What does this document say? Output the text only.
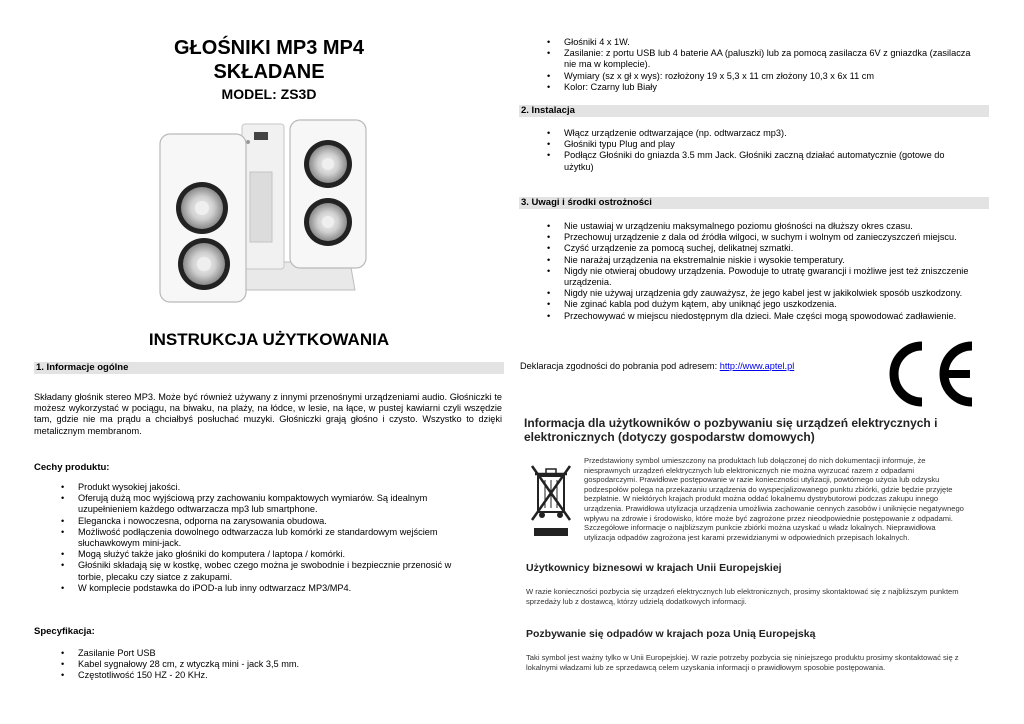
GŁOŚNIKI MP3 MP4
SKŁADANE
MODEL: ZS3D
INSTRUKCJA UŻYTKOWANIA
1. Informacje ogólne
Składany głośnik stereo MP3. Może być również używany z innymi przenośnymi urządzeniami audio. Głośniczki te możesz wykorzystać w pociągu, na biwaku, na plaży, na łódce, w lesie, na łące, w pustej kawiarni czyli wszędzie tam, gdzie nie ma prądu a chciałbyś posłuchać muzyki. Głośniczki grają głośno i czysto. Wszystko to dzięki metalicznym membranom.
Cechy produktu:
• Produkt wysokiej jakości.
• Oferują dużą moc wyjściową przy zachowaniu kompaktowych wymiarów. Są idealnym uzupełnieniem każdego odtwarzacza mp3 lub smartphone.
• Elegancka i nowoczesna, odporna na zarysowania obudowa.
• Możliwość podłączenia dowolnego odtwarzacza lub komórki ze standardowym wejściem słuchawkowym mini-jack.
• Mogą służyć także jako głośniki do komputera / laptopa / komórki.
• Głośniki składają się w kostkę, wobec czego można je swobodnie i bezpiecznie przenosić w torbie, plecaku czy siatce z zakupami.
• W komplecie podstawka do iPOD-a lub inny odtwarzacz MP3/MP4.
Specyfikacja:
• Zasilanie Port USB
• Kabel sygnałowy 28 cm, z wtyczką mini - jack 3,5 mm.
• Częstotliwość 150 HZ - 20 KHz.
• Głośniki 4 x 1W.
• Zasilanie: z portu USB lub 4 baterie AA (paluszki) lub za pomocą zasilacza 6V z gniazdka (zasilacza nie ma w komplecie).
• Wymiary (sz x gł x wys): rozłożony 19 x 5,3 x 11 cm złożony 10,3 x 6x 11 cm
• Kolor: Czarny lub Biały
2. Instalacja
• Włącz urządzenie odtwarzające (np. odtwarzacz mp3).
• Głośniki typu Plug and play
• Podłącz Głośniki do gniazda 3.5 mm Jack. Głośniki zaczną działać automatycznie (gotowe do użytku)
3. Uwagi i środki ostrożności
• Nie ustawiaj w urządzeniu maksymalnego poziomu głośności na dłuższy okres czasu.
• Przechowuj urządzenie z dala od źródła wilgoci, w suchym i wolnym od zanieczyszczeń miejscu.
• Czyść urządzenie za pomocą suchej, delikatnej szmatki.
• Nie narażaj urządzenia na ekstremalnie niskie i wysokie temperatury.
• Nigdy nie otwieraj obudowy urządzenia. Powoduje to utratę gwarancji i możliwe jest też zniszczenie urządzenia.
• Nigdy nie używaj urządzenia gdy zauważysz, że jego kabel jest w jakikolwiek sposób uszkodzony.
• Nie zginać kabla pod dużym kątem, aby uniknąć jego uszkodzenia.
• Przechowywać w miejscu niedostępnym dla dzieci. Małe części mogą spowodować zadławienie.
Deklaracja zgodności do pobrania pod adresem: http://www.aptel.pl
Informacja dla użytkowników o pozbywaniu się urządzeń elektrycznych i elektronicznych (dotyczy gospodarstw domowych)
Przedstawiony symbol umieszczony na produktach lub dołączonej do nich dokumentacji informuje, że niesprawnych urządzeń elektrycznych lub elektronicznych nie można wyrzucać razem z odpadami gospodarczymi. Prawidłowe postępowanie w razie konieczności utylizacji, powtórnego użycia lub odzysku podzespołów polega na przekazaniu urządzenia do wyspecjalizowanego punktu zbiórki, gdzie będzie przyjęte bezpłatnie. W niektórych krajach produkt można oddać lokalnemu dystrybutorowi podczas zakupu innego urządzenia. Prawidłowa utylizacja urządzenia umożliwia zachowanie cennych zasobów i uniknięcie negatywnego wpływu na zdrowie i środowisko, które może być zagrożone przez nieodpowiednie postępowanie z odpadami. Szczegółowe informacje o najbliższym punkcie zbiórki można uzyskać u władz lokalnych. Nieprawidłowa utylizacja odpadów zagrożona jest karami przewidzianymi w odpowiednich przepisach lokalnych.
Użytkownicy biznesowi w krajach Unii Europejskiej
W razie konieczności pozbycia się urządzeń elektrycznych lub elektronicznych, prosimy skontaktować się z najbliższym punktem sprzedaży lub z dostawcą, którzy udzielą dodatkowych informacji.
Pozbywanie się odpadów w krajach poza Unią Europejską
Taki symbol jest ważny tylko w Unii Europejskiej. W razie potrzeby pozbycia się niniejszego produktu prosimy skontaktować się z lokalnymi władzami lub ze sprzedawcą celem uzyskania informacji o prawidłowym sposobie postępowania.
